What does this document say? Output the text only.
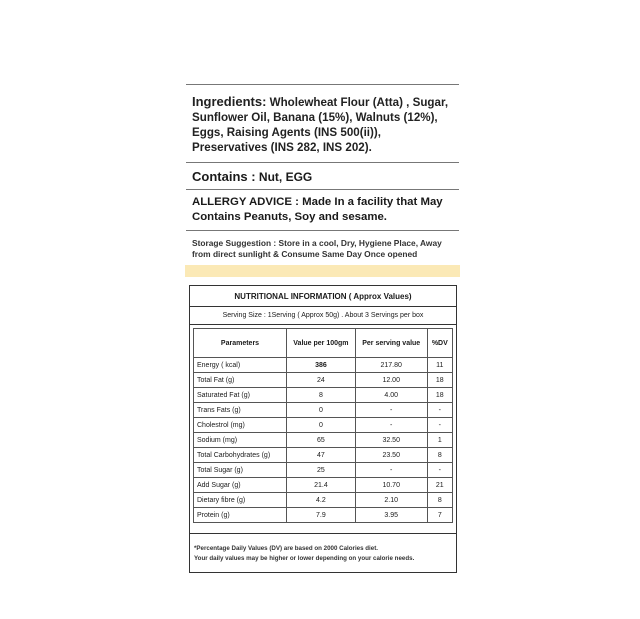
Ingredients: Wholewheat Flour (Atta) , Sugar, Sunflower Oil, Banana (15%), Walnuts (12%), Eggs, Raising Agents (INS 500(ii)), Preservatives (INS 282, INS 202).
Contains : Nut, EGG
ALLERGY ADVICE : Made In a facility that May Contains Peanuts, Soy and sesame.
Storage Suggestion : Store in a cool, Dry, Hygiene Place, Away from direct sunlight & Consume Same Day Once opened
NUTRITIONAL INFORMATION ( Approx Values)
Serving Size : 1Serving ( Approx 50g) . About 3 Servings per box
Parameters	Value per 100gm	Per serving value	%DV
Energy ( kcal)	386	217.80	11
Total Fat (g)	24	12.00	18
Saturated Fat (g)	8	4.00	18
Trans Fats (g)	0	-	-
Cholestrol (mg)	0	-	-
Sodium (mg)	65	32.50	1
Total Carbohydrates (g)	47	23.50	8
Total Sugar (g)	25	-	-
Add Sugar (g)	21.4	10.70	21
Dietary fibre (g)	4.2	2.10	8
Protein (g)	7.9	3.95	7
*Percentage Daily Values (DV) are based on 2000 Calories diet.
Your daily values may be higher or lower depending on your calorie needs.
